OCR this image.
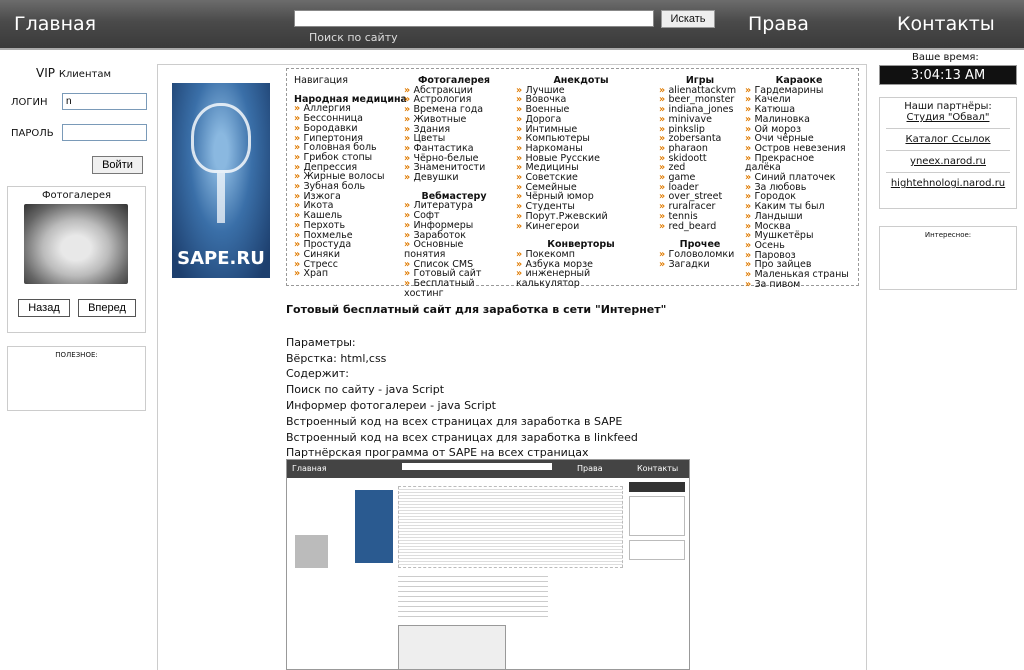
Главная	Искать
Поиск по сайту
Права	Контакты
VIP Клиентам
ЛОГИН
n
ПАРОЛЬ
Войти
Фотогалерея
Назад	Вперед
ПОЛЕЗНОЕ:
SAPE.RU
Навигация
Народная медицина
» Аллергия
» Бессонница
» Бородавки
» Гипертония
» Головная боль
» Грибок стопы
» Депрессия
» Жирные волосы
» Зубная боль
» Изжога
» Икота
» Кашель
» Перхоть
» Похмелье
» Простуда
» Синяки
» Стресс
» Храп
Фотогалерея
» Абстракции
» Астрология
» Времена года
» Животные
» Здания
» Цветы
» Фантастика
» Чёрно-белые
» Знаменитости
» Девушки
Вебмастеру
» Литература
» Софт
» Информеры
» Заработок
» Основные понятия
» Список CMS
» Готовый сайт
» Бесплатный хостинг
Анекдоты
» Лучшие
» Вовочка
» Военные
» Дорога
» Интимные
» Компьютеры
» Наркоманы
» Новые Русские
» Медицины
» Советские
» Семейные
» Чёрный юмор
» Студенты
» Порут.Ржевский
» Кинегерои
Конверторы
» Покекомп
» Азбука морзе
» инженерный калькулятор
Игры
» alienattackvm
» beer_monster
» indiana_jones
» minivave
» pinkslip
» zobersanta
» pharaon
» skidoott
» zed
» game
» loader
» over_street
» ruralracer
» tennis
» red_beard
Прочее
» Головоломки
» Загадки
Караоке
» Гардемарины
» Качели
» Катюша
» Малиновка
» Ой мороз
» Очи чёрные
» Остров невезения
» Прекрасное далёка
» Синий платочек
» За любовь
» Городок
» Каким ты был
» Ландыши
» Москва
» Мушкетёры
» Осень
» Паровоз
» Про зайцев
» Маленькая страны
» За пивом
Готовый бесплатный сайт для заработка в сети "Интернет"
Параметры:
Вёрстка: html,css
Содержит:
Поиск по сайту - java Script
Информер фотогалереи - java Script
Встроенный код на всех страницах для заработка в SAPE
Встроенный код на всех страницах для заработка в linkfeed
Партнёрская программа от SAPE на всех страницах
Главная	Права	Контакты
Ваше время:
3:04:13 AM
Наши партнёры:
Студия "Обвал"
Каталог Ссылок
yneex.narod.ru
hightehnologi.narod.ru
Интересное:
